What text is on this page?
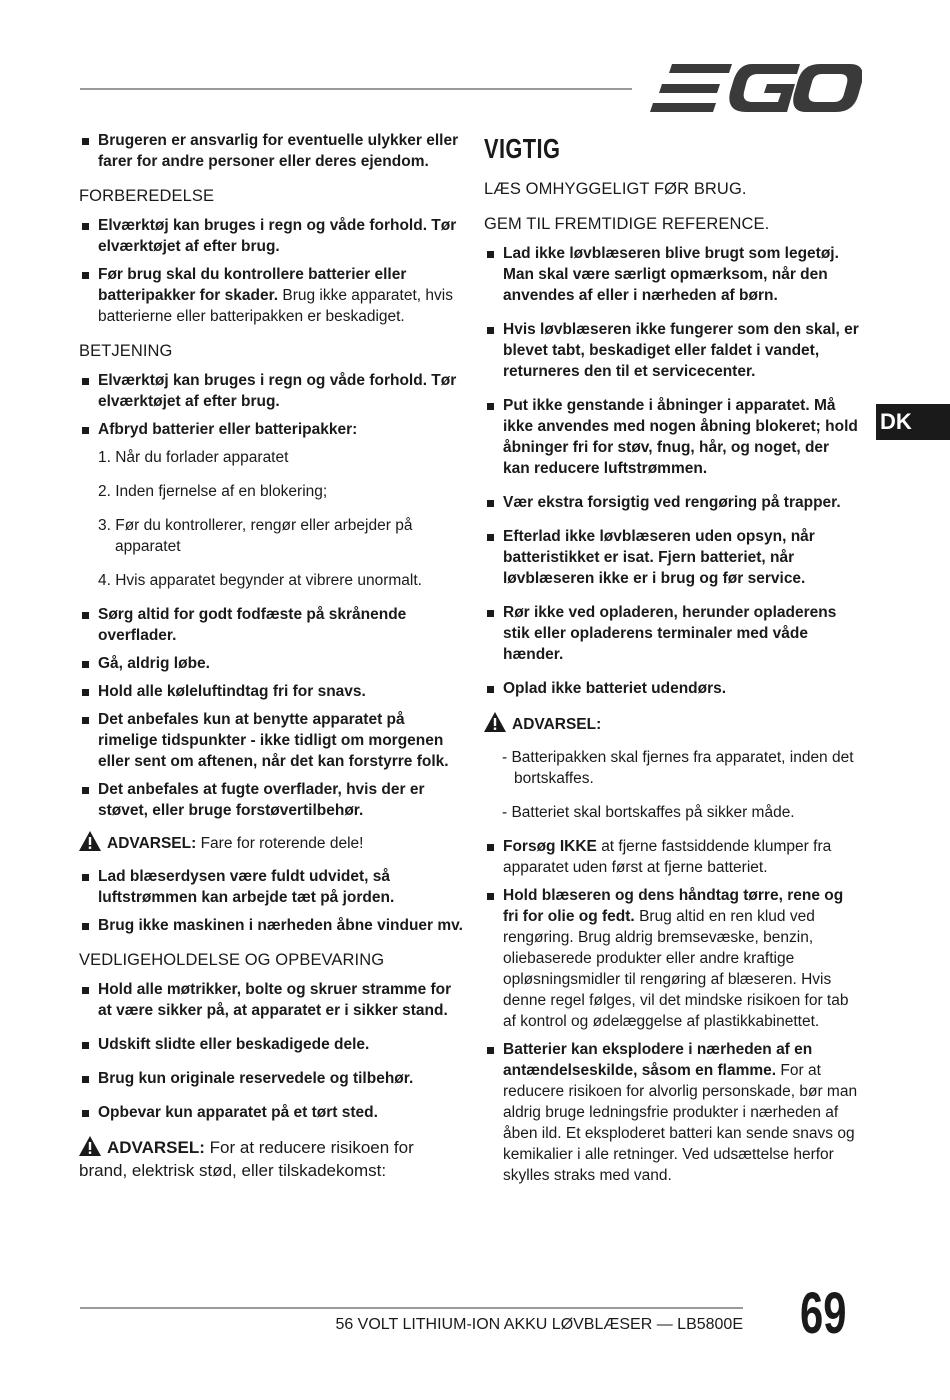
DK
Brugeren er ansvarlig for eventuelle ulykker eller farer for andre personer eller deres ejendom.
FORBEREDELSE
Elværktøj kan bruges i regn og våde forhold. Tør elværktøjet af efter brug.
Før brug skal du kontrollere batterier eller batteripakker for skader. Brug ikke apparatet, hvis batterierne eller batteripakken er beskadiget.
BETJENING
Elværktøj kan bruges i regn og våde forhold. Tør elværktøjet af efter brug.
Afbryd batterier eller batteripakker:
1. Når du forlader apparatet
2. Inden fjernelse af en blokering;
3. Før du kontrollerer, rengør eller arbejder på apparatet
4. Hvis apparatet begynder at vibrere unormalt.
Sørg altid for godt fodfæste på skrånende overflader.
Gå, aldrig løbe.
Hold alle køleluftindtag fri for snavs.
Det anbefales kun at benytte apparatet på rimelige tidspunkter - ikke tidligt om morgenen eller sent om aftenen, når det kan forstyrre folk.
Det anbefales at fugte overflader, hvis der er støvet, eller bruge forstøvertilbehør.
ADVARSEL: Fare for roterende dele!
Lad blæserdysen være fuldt udvidet, så luftstrømmen kan arbejde tæt på jorden.
Brug ikke maskinen i nærheden åbne vinduer mv.
VEDLIGEHOLDELSE OG OPBEVARING
Hold alle møtrikker, bolte og skruer stramme for at være sikker på, at apparatet er i sikker stand.
Udskift slidte eller beskadigede dele.
Brug kun originale reservedele og tilbehør.
Opbevar kun apparatet på et tørt sted.
ADVARSEL: For at reducere risikoen for brand, elektrisk stød, eller tilskadekomst:
VIGTIG
LÆS OMHYGGELIGT FØR BRUG.
GEM TIL FREMTIDIGE REFERENCE.
Lad ikke løvblæseren blive brugt som legetøj. Man skal være særligt opmærksom, når den anvendes af eller i nærheden af børn.
Hvis løvblæseren ikke fungerer som den skal, er blevet tabt, beskadiget eller faldet i vandet, returneres den til et servicecenter.
Put ikke genstande i åbninger i apparatet. Må ikke anvendes med nogen åbning blokeret; hold åbninger fri for støv, fnug, hår, og noget, der kan reducere luftstrømmen.
Vær ekstra forsigtig ved rengøring på trapper.
Efterlad ikke løvblæseren uden opsyn, når batteristikket er isat. Fjern batteriet, når løvblæseren ikke er i brug og før service.
Rør ikke ved opladeren, herunder opladerens stik eller opladerens terminaler med våde hænder.
Oplad ikke batteriet udendørs.
ADVARSEL:
- Batteripakken skal fjernes fra apparatet, inden det bortskaffes.
- Batteriet skal bortskaffes på sikker måde.
Forsøg IKKE at fjerne fastsiddende klumper fra apparatet uden først at fjerne batteriet.
Hold blæseren og dens håndtag tørre, rene og fri for olie og fedt. Brug altid en ren klud ved rengøring. Brug aldrig bremsevæske, benzin, oliebaserede produkter eller andre kraftige opløsningsmidler til rengøring af blæseren. Hvis denne regel følges, vil det mindske risikoen for tab af kontrol og ødelæggelse af plastikkabinettet.
Batterier kan eksplodere i nærheden af en antændelseskilde, såsom en flamme. For at reducere risikoen for alvorlig personskade, bør man aldrig bruge ledningsfrie produkter i nærheden af åben ild. Et eksploderet batteri kan sende snavs og kemikalier i alle retninger. Ved udsættelse herfor skylles straks med vand.
56 VOLT LITHIUM-ION AKKU LØVBLÆSER — LB5800E 69
